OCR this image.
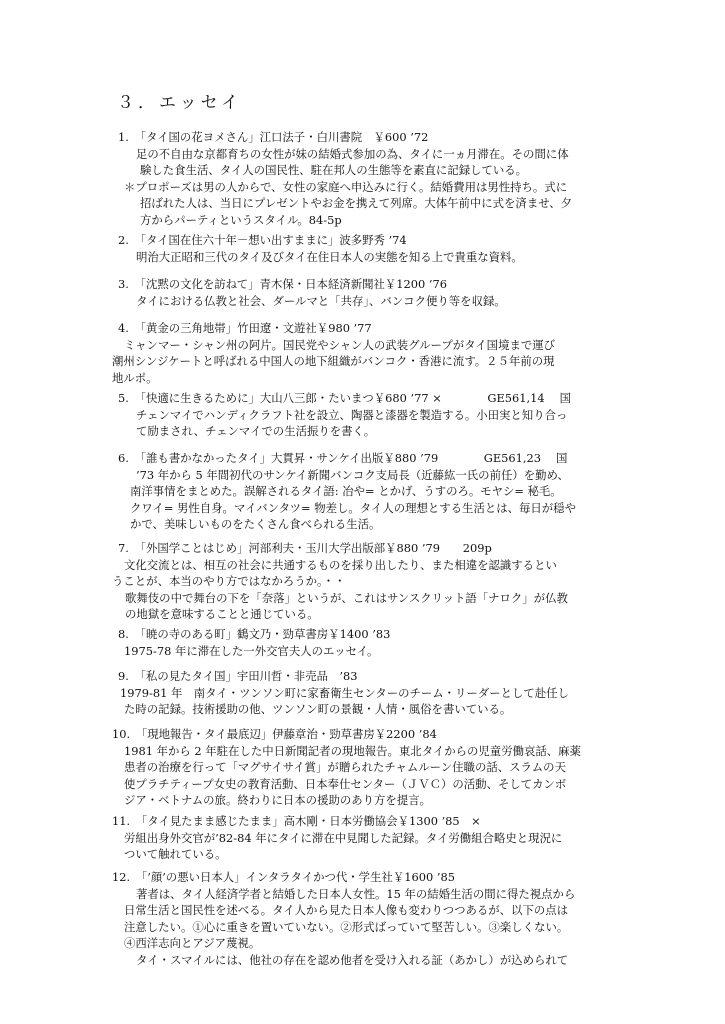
３．エッセイ
1.　「タイ国の花ヨメさん」江口法子・白川書院　￥600 ’72
足の不自由な京都育ちの女性が妹の結婚式参加の為、タイに一ヵ月滞在。その間に体
験した食生活、タイ人の国民性、駐在邦人の生態等を素直に記録している。
＊プロポーズは男の人からで、女性の家庭へ申込みに行く。結婚費用は男性持ち。式に
招ばれた人は、当日にプレゼントやお金を携えて列席。大体午前中に式を済ませ、夕
方からパーティというスタイル。84-5p
2.　「タイ国在住六十年－想い出すままに」波多野秀 ’74
明治大正昭和三代のタイ及びタイ在住日本人の実態を知る上で貴重な資料。
3.　「沈黙の文化を訪ねて」青木保・日本経済新聞社￥1200 ’76
タイにおける仏教と社会、ダールマと「共存」、バンコク便り等を収録。
4.　「黄金の三角地帯」竹田遼・文遊社￥980 ’77
ミャンマー・シャン州の阿片。国民党やシャン人の武装グループがタイ国境まで運び
潮州シンジケートと呼ばれる中国人の地下組織がバンコク・香港に流す。２５年前の現
地ルポ。
5.　「快適に生きるために」大山八三郎・たいまつ￥680 ’77 ×　　　　GE561,14　 国
チェンマイでハンディクラフト社を設立、陶器と漆器を製造する。小田実と知り合っ
て励まされ、チェンマイでの生活振りを書く。
6.　「誰も書かなかったタイ」大貫昇・サンケイ出版￥880 ’79　　　　GE561,23　 国
’73 年から 5 年間初代のサンケイ新聞バンコク支局長（近藤紘一氏の前任）を勤め、
南洋事情をまとめた。誤解されるタイ語: 冶や= とかげ、うすのろ。モヤシ= 秘毛。
クワイ= 男性自身。マイバンタツ= 物差し。タイ人の理想とする生活とは、毎日が穏や
かで、美味しいものをたくさん食べられる生活。
7.　「外国学ことはじめ」河部利夫・玉川大学出版部￥880 ’79　　209p
文化交流とは、相互の社会に共通するものを採り出したり、また相違を認識するとい
うことが、本当のやり方ではなかろうか。・・
歌舞伎の中で舞台の下を「奈落」というが、これはサンスクリット語「ナロク」が仏教
の地獄を意味することと通じている。
8.　「暁の寺のある町」鶴文乃・勁草書房￥1400 ’83
1975-78 年に滞在した一外交官夫人のエッセイ。
9.　「私の見たタイ国」宇田川哲・非売品　’83
1979-81 年　南タイ・ツンソン町に家畜衛生センターのチーム・リーダーとして赴任し
た時の記録。技術援助の他、ツンソン町の景観・人情・風俗を書いている。
10.　「現地報告・タイ最底辺」伊藤章治・勁草書房￥2200 ’84
1981 年から 2 年駐在した中日新聞記者の現地報告。東北タイからの児童労働哀話、麻薬
患者の治療を行って「マグサイサイ賞」が贈られたチャムルーン住職の話、スラムの天
使プラチティープ女史の教育活動、日本奉仕センター（ＪＶＣ）の活動、そしてカンボ
ジア・ベトナムの旅。終わりに日本の援助のあり方を提言。
11.　「タイ見たまま感じたまま」高木剛・日本労働協会￥1300 ’85　×
労組出身外交官が’82-84 年にタイに滞在中見聞した記録。タイ労働組合略史と現況に
ついて触れている。
12.　「’顔’の悪い日本人」インタラタイかつ代・学生社￥1600 ’85
著者は、タイ人経済学者と結婚した日本人女性。15 年の結婚生活の間に得た視点から
日常生活と国民性を述べる。タイ人から見た日本人像も変わりつつあるが、以下の点は
注意したい。①心に重きを置いていない。②形式ばっていて堅苦しい。③楽しくない。
④西洋志向とアジア蔑視。
タイ・スマイルには、他社の存在を認め他者を受け入れる証（あかし）が込められて
